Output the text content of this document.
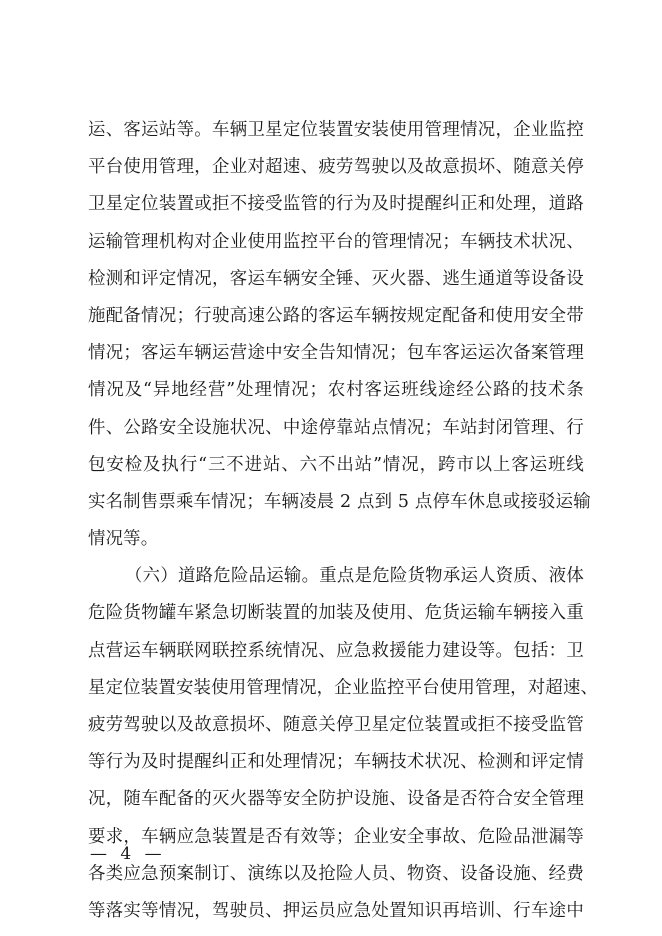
运、客运站等。车辆卫星定位装置安装使用管理情况，企业监控
平台使用管理，企业对超速、疲劳驾驶以及故意损坏、随意关停
卫星定位装置或拒不接受监管的行为及时提醒纠正和处理，道路
运输管理机构对企业使用监控平台的管理情况；车辆技术状况、
检测和评定情况，客运车辆安全锤、灭火器、逃生通道等设备设
施配备情况；行驶高速公路的客运车辆按规定配备和使用安全带
情况；客运车辆运营途中安全告知情况；包车客运运次备案管理
情况及“异地经营”处理情况；农村客运班线途经公路的技术条
件、公路安全设施状况、中途停靠站点情况；车站封闭管理、行
包安检及执行“三不进站、六不出站”情况，跨市以上客运班线
实名制售票乘车情况；车辆凌晨 2 点到 5 点停车休息或接驳运输
情况等。
（六）道路危险品运输。重点是危险货物承运人资质、液体
危险货物罐车紧急切断装置的加装及使用、危货运输车辆接入重
点营运车辆联网联控系统情况、应急救援能力建设等。包括：卫
星定位装置安装使用管理情况，企业监控平台使用管理，对超速、
疲劳驾驶以及故意损坏、随意关停卫星定位装置或拒不接受监管
等行为及时提醒纠正和处理情况；车辆技术状况、检测和评定情
况，随车配备的灭火器等安全防护设施、设备是否符合安全管理
要求，车辆应急装置是否有效等；企业安全事故、危险品泄漏等
各类应急预案制订、演练以及抢险人员、物资、设备设施、经费
等落实等情况，驾驶员、押运员应急处置知识再培训、行车途中
— 4 —
